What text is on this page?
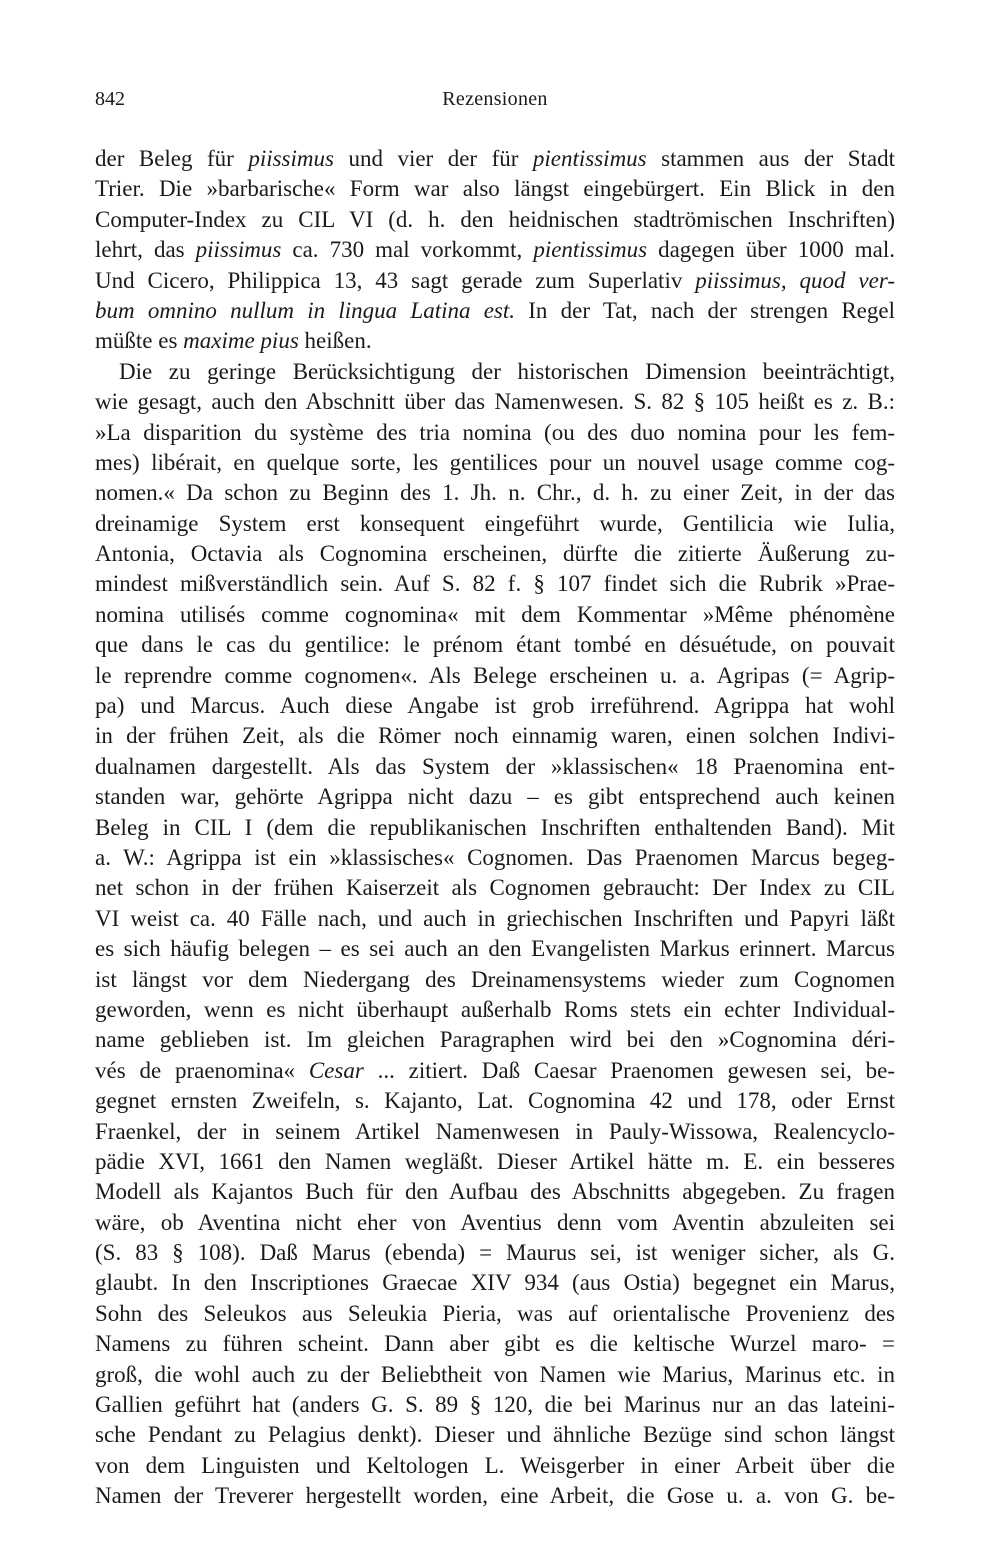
842	Rezensionen
der Beleg für piissimus und vier der für pientissimus stammen aus der Stadt
Trier. Die »barbarische« Form war also längst eingebürgert. Ein Blick in den
Computer-Index zu CIL VI (d. h. den heidnischen stadtrömischen Inschriften)
lehrt, das piissimus ca. 730 mal vorkommt, pientissimus dagegen über 1000 mal.
Und Cicero, Philippica 13, 43 sagt gerade zum Superlativ piissimus, quod ver-
bum omnino nullum in lingua Latina est. In der Tat, nach der strengen Regel
müßte es maxime pius heißen.
Die zu geringe Berücksichtigung der historischen Dimension beeinträchtigt,
wie gesagt, auch den Abschnitt über das Namenwesen. S. 82 § 105 heißt es z. B.:
»La disparition du système des tria nomina (ou des duo nomina pour les fem-
mes) libérait, en quelque sorte, les gentilices pour un nouvel usage comme cog-
nomen.« Da schon zu Beginn des 1. Jh. n. Chr., d. h. zu einer Zeit, in der das
dreinamige System erst konsequent eingeführt wurde, Gentilicia wie Iulia,
Antonia, Octavia als Cognomina erscheinen, dürfte die zitierte Äußerung zu-
mindest mißverständlich sein. Auf S. 82 f. § 107 findet sich die Rubrik »Prae-
nomina utilisés comme cognomina« mit dem Kommentar »Même phénomène
que dans le cas du gentilice: le prénom étant tombé en désuétude, on pouvait
le reprendre comme cognomen«. Als Belege erscheinen u. a. Agripas (= Agrip-
pa) und Marcus. Auch diese Angabe ist grob irreführend. Agrippa hat wohl
in der frühen Zeit, als die Römer noch einnamig waren, einen solchen Indivi-
dualnamen dargestellt. Als das System der »klassischen« 18 Praenomina ent-
standen war, gehörte Agrippa nicht dazu – es gibt entsprechend auch keinen
Beleg in CIL I (dem die republikanischen Inschriften enthaltenden Band). Mit
a. W.: Agrippa ist ein »klassisches« Cognomen. Das Praenomen Marcus begeg-
net schon in der frühen Kaiserzeit als Cognomen gebraucht: Der Index zu CIL
VI weist ca. 40 Fälle nach, und auch in griechischen Inschriften und Papyri läßt
es sich häufig belegen – es sei auch an den Evangelisten Markus erinnert. Marcus
ist längst vor dem Niedergang des Dreinamensystems wieder zum Cognomen
geworden, wenn es nicht überhaupt außerhalb Roms stets ein echter Individual-
name geblieben ist. Im gleichen Paragraphen wird bei den »Cognomina déri-
vés de praenomina« Cesar ... zitiert. Daß Caesar Praenomen gewesen sei, be-
gegnet ernsten Zweifeln, s. Kajanto, Lat. Cognomina 42 und 178, oder Ernst
Fraenkel, der in seinem Artikel Namenwesen in Pauly-Wissowa, Realencyclo-
pädie XVI, 1661 den Namen wegläßt. Dieser Artikel hätte m. E. ein besseres
Modell als Kajantos Buch für den Aufbau des Abschnitts abgegeben. Zu fragen
wäre, ob Aventina nicht eher von Aventius denn vom Aventin abzuleiten sei
(S. 83 § 108). Daß Marus (ebenda) = Maurus sei, ist weniger sicher, als G.
glaubt. In den Inscriptiones Graecae XIV 934 (aus Ostia) begegnet ein Marus,
Sohn des Seleukos aus Seleukia Pieria, was auf orientalische Provenienz des
Namens zu führen scheint. Dann aber gibt es die keltische Wurzel maro- =
groß, die wohl auch zu der Beliebtheit von Namen wie Marius, Marinus etc. in
Gallien geführt hat (anders G. S. 89 § 120, die bei Marinus nur an das lateini-
sche Pendant zu Pelagius denkt). Dieser und ähnliche Bezüge sind schon längst
von dem Linguisten und Keltologen L. Weisgerber in einer Arbeit über die
Namen der Treverer hergestellt worden, eine Arbeit, die Gose u. a. von G. be-
